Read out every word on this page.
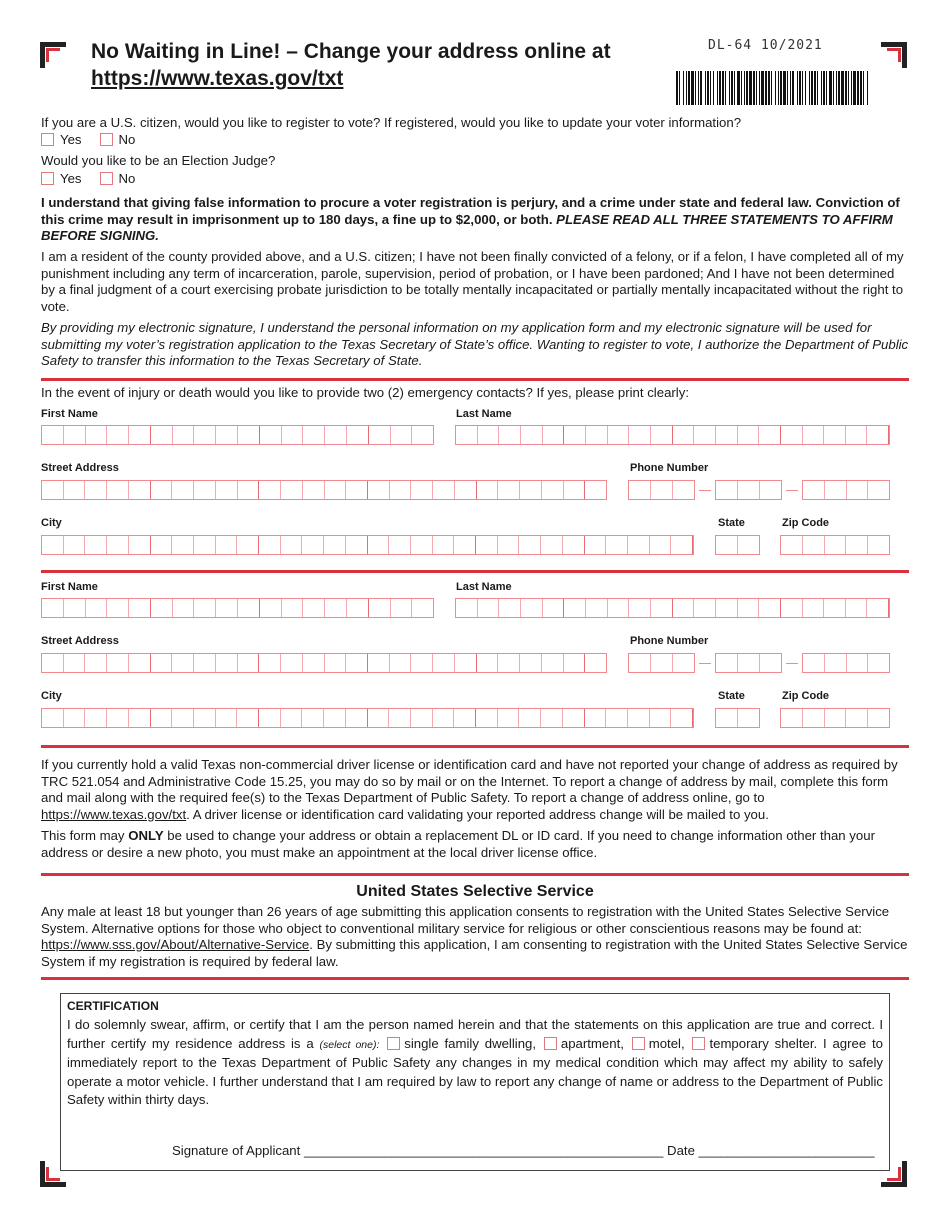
No Waiting in Line! – Change your address online at
https://www.texas.gov/txt
DL-64 10/2021
If you are a U.S. citizen, would you like to register to vote? If registered, would you like to update your voter information?
Yes	No
Would you like to be an Election Judge?
Yes	No
I understand that giving false information to procure a voter registration is perjury, and a crime under state and federal law. Conviction of this crime may result in imprisonment up to 180 days, a fine up to $2,000, or both. PLEASE READ ALL THREE STATEMENTS TO AFFIRM BEFORE SIGNING.
I am a resident of the county provided above, and a U.S. citizen; I have not been finally convicted of a felony, or if a felon, I have completed all of my punishment including any term of incarceration, parole, supervision, period of probation, or I have been pardoned; And I have not been determined by a final judgment of a court exercising probate jurisdiction to be totally mentally incapacitated or partially mentally incapacitated without the right to vote.
By providing my electronic signature, I understand the personal information on my application form and my electronic signature will be used for submitting my voter’s registration application to the Texas Secretary of State’s office. Wanting to register to vote, I authorize the Department of Public Safety to transfer this information to the Texas Secretary of State.
In the event of injury or death would you like to provide two (2) emergency contacts? If yes, please print clearly:
First Name	Last Name
Street Address	Phone Number
City	State	Zip Code
First Name	Last Name
Street Address	Phone Number
City	State	Zip Code
If you currently hold a valid Texas non-commercial driver license or identification card and have not reported your change of address as required by TRC 521.054 and Administrative Code 15.25, you may do so by mail or on the Internet. To report a change of address by mail, complete this form and mail along with the required fee(s) to the Texas Department of Public Safety. To report a change of address online, go to https://www.texas.gov/txt. A driver license or identification card validating your reported address change will be mailed to you.
This form may ONLY be used to change your address or obtain a replacement DL or ID card. If you need to change information other than your address or desire a new photo, you must make an appointment at the local driver license office.
United States Selective Service
Any male at least 18 but younger than 26 years of age submitting this application consents to registration with the United States Selective Service System. Alternative options for those who object to conventional military service for religious or other conscientious reasons may be found at: https://www.sss.gov/About/Alternative-Service. By submitting this application, I am consenting to registration with the United States Selective Service System if my registration is required by federal law.
CERTIFICATION
I do solemnly swear, affirm, or certify that I am the person named herein and that the statements on this application are true and correct. I further certify my residence address is a (select one): single family dwelling, apartment, motel, temporary shelter. I agree to immediately report to the Texas Department of Public Safety any changes in my medical condition which may affect my ability to safely operate a motor vehicle. I further understand that I am required by law to report any change of name or address to the Department of Public Safety within thirty days.
Signature of Applicant _________________________________________________ Date ________________________
